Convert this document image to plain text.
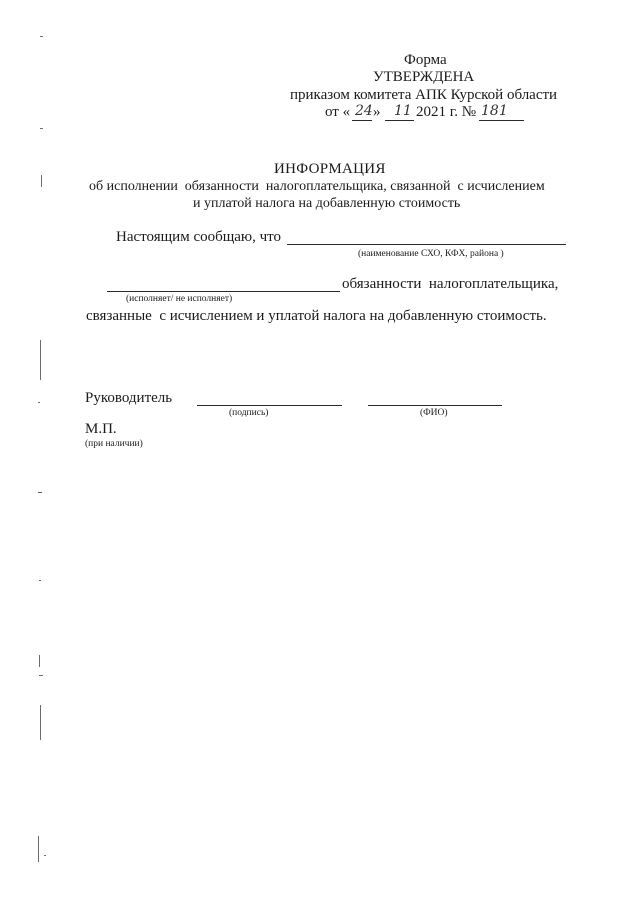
Форма
УТВЕРЖДЕНА
приказом комитета АПК Курской области
от « 24 » 11 2021 г. № 181
ИНФОРМАЦИЯ
об исполнении  обязанности  налогоплательщика, связанной  с исчислением
и уплатой налога на добавленную стоимость
Настоящим сообщаю, что
(наименование СХО, КФХ, района )
обязанности  налогоплательщика,
(исполняет/ не исполняет)
связанные  с исчислением и уплатой налога на добавленную стоимость.
Руководитель
(подпись)	(ФИО)
М.П.
(при наличии)
